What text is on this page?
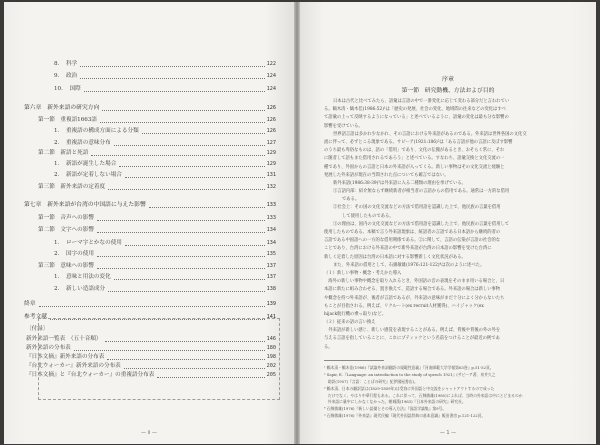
8．　科学	122
9．　政治	124
10．　国際	124
第六章　新外来語の研究方向	126
第一節　重複語1663語	126
1．　重複語の構成方面による分類	126
2．　重複語の意味分布	127
第二節　新語と死語	129
1．　新語が誕生した場合	129
2．　新語が定着しない場合	131
第三節　新外来語の定着度	132
第七章　新外来語が台湾の中国語に与えた影響	133
第一節　音声への影響	133
第二節　文字への影響	134
1．　ローマ字とかなの使用	134
2．　国字の使用	135
第三節　意味への影響	137
1．　意味と用法の変化	137
2．　新しい造語成分	138
終章	139
参考文献	141
〔付録〕
新外来語一覧表　（五十音順）	146
新外来語の分布表	180
『日本文摘』新外来語の分布表	198
『台北ウォーカー』新外来語の分布表	202
『日本文摘』と『台北ウォーカー』の重複語分布表	205
— ii —
序章
第一節　研究動機、方法および目的
日本は古代と比べてみたら、語彙は言語の中で一番変化に応じて変わる部分だと言われてい
る。鶴木清・鶴木佳(1986:52)¹は「歴史の発展、社会の変化、地域間の往来などの変化はすべ
て語彙の上って反映するようになっている」と述べているように、語彙の変化は最も分な影響の
影響を受けている。
世界語言語は多かれ少なかれ、その言語における外来語があるのである。外来語は世界各国の文化交
流に伴って、必ずとこる現象である。サピーア(1921:186)²は「ある言語が他の言語に及ぼす影響
のうち最も卑俗なものは、語の「借用」であり、文化の伝搬があるとき、おそらく常に、それ
に随者して語もまた借用されるであろう」と述べている。すなわち、語彙交換と文化交流の一
種であり、外国からの言語と日本の外来語が入ってくる。新しい事物はその文化交流と経験と
発展した外来語が現在の当間された点についても確言ではない。
新外来語(1986:38-39)³は外来語に入る二種類の理由を挙げている。
①言語内部：紹介無ならず継続新者が相当者の言語からの借用である。通常は一方的な借用
である。
②社会上：その国の文化交流などの方法で借用語を認識した上で、他民族の言葉を借用
して使用したものである。
①の理由は、国内の文化交流などの方法で借用語を認識した上で、他民族の言葉を借用して
使用したものである。本稿で言う外来語現象は、統語者の言語である日本語から継続的者の
言語である中国語への一方的な借用関係である。②に関して、言語の伝染が言語の社会的な
ことであり、台湾における外来語の中で新外来語が台湾の日本語の影響を受けた台湾に
新しく定着した原因は台湾の日本語に対する影響新しく文化状況がある。
また、外来語の借用として、石綿敏雄(1976:121-122)⁴は次のように述べた。
（１）新しい事物・概念・考えかた導入
　海外の新しい事物や概念を取り入れるとき、外国語の音の表現をそのまま用いる場合と、日
本語に新たに組み合わせる、置き換えて、造語する場合である。外来語の場合は新しい事物
や概念を持つ外来語が、後者が言語であるが、外来語の意味がまだ十分によく分からないたち
もことが目指される。例えば、リクルート(ex recruit人材獲得)、ハイジャック(ex
hijack航行機の乗っ取り)など。
（２）従来の語の言い換え
　外来語が新しい感じ、新しい感覚を表現することがある。例えば、背後や背後の外の外を
与える言語を指していることに、これにプティックという名前をつけることが最近の例であ
る。
¹ 鶴木清・鶴木佳(1986)『試論外来詞翻訳の規範性意義』『河南師範大学学報第63巻』p.51-52頁。
² Sapir, E.『Language: an introduction to the study of speech 1921』(サピーア著、泉井久之
　助訳(1957)『言語：ことばの研究』紀伊國屋書店)。
³ 鶴木清、日本の翻訳語は(1829-1859年)は受容に外国語と中交流をシャットアウトするので成った
　だけでなく、やはり中華行程もある。これに伴って、石綿敏雄(1985)によれば、当時の外来語は中にとどまるのか
　外来語に量中にしかなくなかった。朝城漢(1963)『日本外来語の研究』研究社。
⁴ 石綿敏雄(1976)『新しい語彙とその導入方法』『国語学論集』第9号。
⁵ 石綿敏雄(1976)『外来語』現代民編『現代外国語辞典の基本意識』飯田書房 p.121-122頁。
— 1 —
